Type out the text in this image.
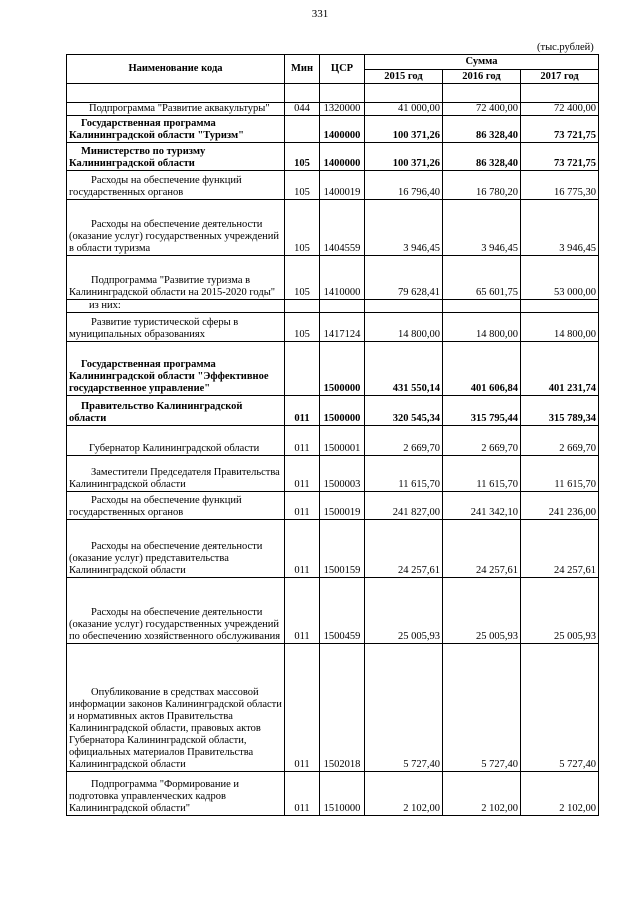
331
(тыс.рублей)
Наименование кода	Мин	ЦСР	Сумма		
			2015 год	2016 год	2017 год

Подпрограмма "Развитие аквакультуры"	044	1320000	41 000,00	72 400,00	72 400,00
Государственная программа Калининградской области "Туризм"		1400000	100 371,26	86 328,40	73 721,75
Министерство по туризму Калининградской области	105	1400000	100 371,26	86 328,40	73 721,75
Расходы на обеспечение функций государственных органов	105	1400019	16 796,40	16 780,20	16 775,30
Расходы на обеспечение деятельности (оказание услуг) государственных учреждений в области туризма	105	1404559	3 946,45	3 946,45	3 946,45
Подпрограмма "Развитие туризма в Калининградской области на 2015-2020 годы"	105	1410000	79 628,41	65 601,75	53 000,00
из них:					
Развитие туристической сферы в муниципальных образованиях	105	1417124	14 800,00	14 800,00	14 800,00
Государственная программа Калининградской области "Эффективное государственное управление"		1500000	431 550,14	401 606,84	401 231,74
Правительство Калининградской области	011	1500000	320 545,34	315 795,44	315 789,34
Губернатор Калининградской области	011	1500001	2 669,70	2 669,70	2 669,70
Заместители Председателя Правительства Калининградской области	011	1500003	11 615,70	11 615,70	11 615,70
Расходы на обеспечение функций государственных органов	011	1500019	241 827,00	241 342,10	241 236,00
Расходы на обеспечение деятельности (оказание услуг) представительства Калининградской области	011	1500159	24 257,61	24 257,61	24 257,61
Расходы на обеспечение деятельности (оказание услуг) государственных учреждений по обеспечению хозяйственного обслуживания	011	1500459	25 005,93	25 005,93	25 005,93
Опубликование в средствах массовой информации законов Калининградской области и нормативных актов Правительства Калининградской области, правовых актов Губернатора Калининградской области, официальных материалов Правительства Калининградской области	011	1502018	5 727,40	5 727,40	5 727,40
Подпрограмма "Формирование и подготовка управленческих кадров Калининградской области"	011	1510000	2 102,00	2 102,00	2 102,00
